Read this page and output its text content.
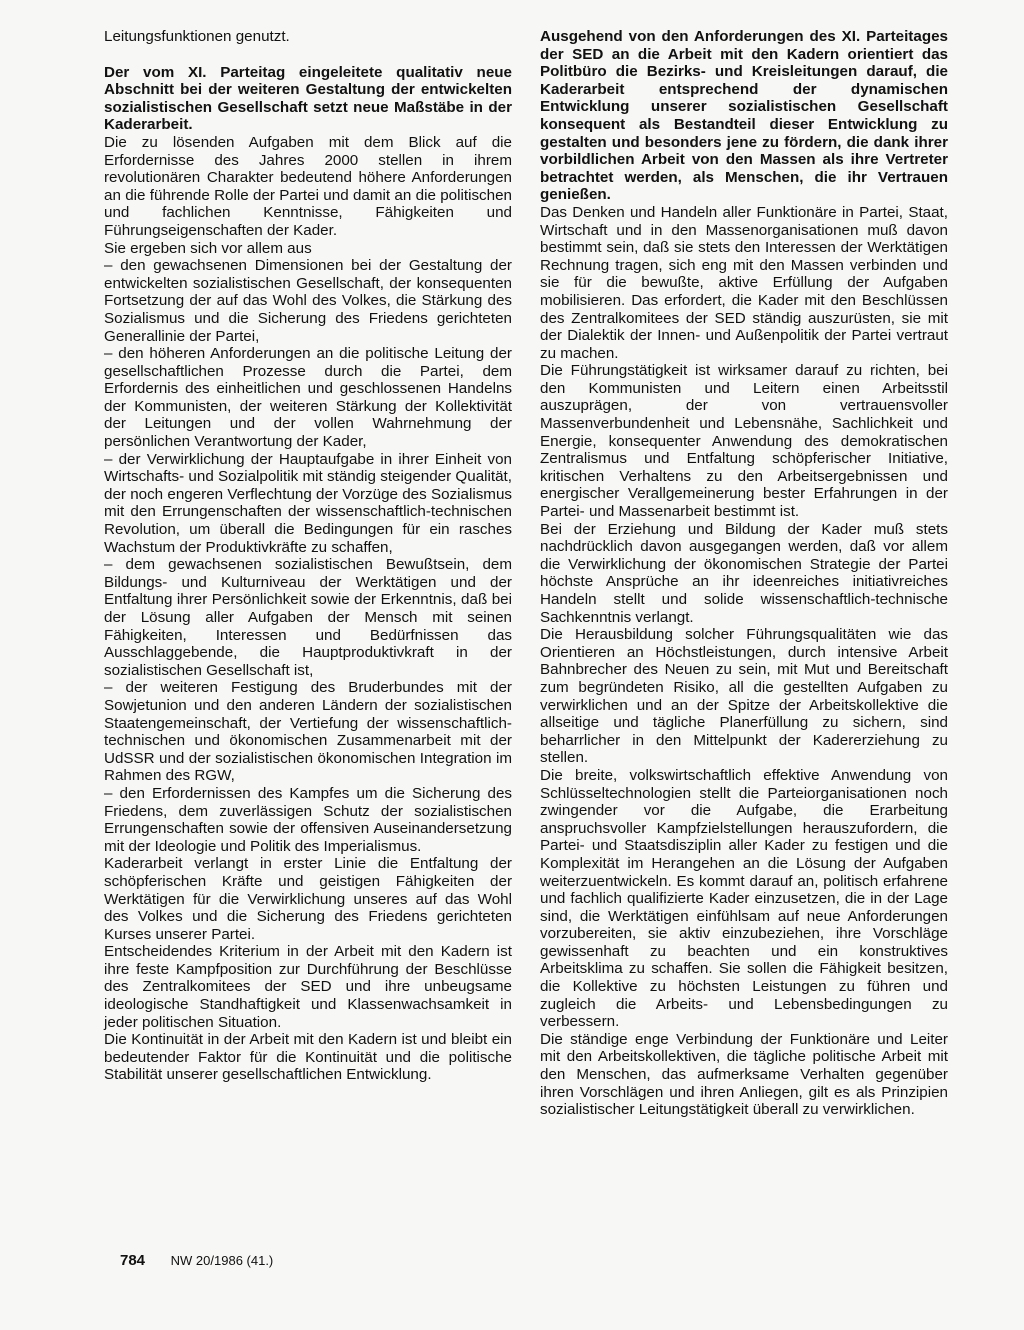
Leitungsfunktionen genutzt.

Der vom XI. Parteitag eingeleitete qualitativ neue Abschnitt bei der weiteren Gestaltung der entwickelten sozialistischen Gesellschaft setzt neue Maßstäbe in der Kaderarbeit.

Die zu lösenden Aufgaben mit dem Blick auf die Erfordernisse des Jahres 2000 stellen in ihrem revolutionären Charakter bedeutend höhere Anforderungen an die führende Rolle der Partei und damit an die politischen und fachlichen Kenntnisse, Fähigkeiten und Führungseigenschaften der Kader.

Sie ergeben sich vor allem aus

– den gewachsenen Dimensionen bei der Gestaltung der entwickelten sozialistischen Gesellschaft, der konsequenten Fortsetzung der auf das Wohl des Volkes, die Stärkung des Sozialismus und die Sicherung des Friedens gerichteten Generallinie der Partei,

– den höheren Anforderungen an die politische Leitung der gesellschaftlichen Prozesse durch die Partei, dem Erfordernis des einheitlichen und geschlossenen Handelns der Kommunisten, der weiteren Stärkung der Kollektivität der Leitungen und der vollen Wahrnehmung der persönlichen Verantwortung der Kader,

– der Verwirklichung der Hauptaufgabe in ihrer Einheit von Wirtschafts- und Sozialpolitik mit ständig steigender Qualität, der noch engeren Verflechtung der Vorzüge des Sozialismus mit den Errungenschaften der wissenschaftlich-technischen Revolution, um überall die Bedingungen für ein rasches Wachstum der Produktivkräfte zu schaffen,

– dem gewachsenen sozialistischen Bewußtsein, dem Bildungs- und Kulturniveau der Werktätigen und der Entfaltung ihrer Persönlichkeit sowie der Erkenntnis, daß bei der Lösung aller Aufgaben der Mensch mit seinen Fähigkeiten, Interessen und Bedürfnissen das Ausschlaggebende, die Hauptproduktivkraft in der sozialistischen Gesellschaft ist,

– der weiteren Festigung des Bruderbundes mit der Sowjetunion und den anderen Ländern der sozialistischen Staatengemeinschaft, der Vertiefung der wissenschaftlich-technischen und ökonomischen Zusammenarbeit mit der UdSSR und der sozialistischen ökonomischen Integration im Rahmen des RGW,

– den Erfordernissen des Kampfes um die Sicherung des Friedens, dem zuverlässigen Schutz der sozialistischen Errungenschaften sowie der offensiven Auseinandersetzung mit der Ideologie und Politik des Imperialismus.

Kaderarbeit verlangt in erster Linie die Entfaltung der schöpferischen Kräfte und geistigen Fähigkeiten der Werktätigen für die Verwirklichung unseres auf das Wohl des Volkes und die Sicherung des Friedens gerichteten Kurses unserer Partei.

Entscheidendes Kriterium in der Arbeit mit den Kadern ist ihre feste Kampfposition zur Durchführung der Beschlüsse des Zentralkomitees der SED und ihre unbeugsame ideologische Standhaftigkeit und Klassenwachsamkeit in jeder politischen Situation.

Die Kontinuität in der Arbeit mit den Kadern ist und bleibt ein bedeutender Faktor für die Kontinuität und die politische Stabilität unserer gesellschaftlichen Entwicklung.

Ausgehend von den Anforderungen des XI. Parteitages der SED an die Arbeit mit den Kadern orientiert das Politbüro die Bezirks- und Kreisleitungen darauf, die Kaderarbeit entsprechend der dynamischen Entwicklung unserer sozialistischen Gesellschaft konsequent als Bestandteil dieser Entwicklung zu gestalten und besonders jene zu fördern, die dank ihrer vorbildlichen Arbeit von den Massen als ihre Vertreter betrachtet werden, als Menschen, die ihr Vertrauen genießen.

Das Denken und Handeln aller Funktionäre in Partei, Staat, Wirtschaft und in den Massenorganisationen muß davon bestimmt sein, daß sie stets den Interessen der Werktätigen Rechnung tragen, sich eng mit den Massen verbinden und sie für die bewußte, aktive Erfüllung der Aufgaben mobilisieren. Das erfordert, die Kader mit den Beschlüssen des Zentralkomitees der SED ständig auszurüsten, sie mit der Dialektik der Innen- und Außenpolitik der Partei vertraut zu machen.

Die Führungstätigkeit ist wirksamer darauf zu richten, bei den Kommunisten und Leitern einen Arbeitsstil auszuprägen, der von vertrauensvoller Massenverbundenheit und Lebensnähe, Sachlichkeit und Energie, konsequenter Anwendung des demokratischen Zentralismus und Entfaltung schöpferischer Initiative, kritischen Verhaltens zu den Arbeitsergebnissen und energischer Verallgemeinerung bester Erfahrungen in der Partei- und Massenarbeit bestimmt ist.

Bei der Erziehung und Bildung der Kader muß stets nachdrücklich davon ausgegangen werden, daß vor allem die Verwirklichung der ökonomischen Strategie der Partei höchste Ansprüche an ihr ideenreiches initiativreiches Handeln stellt und solide wissenschaftlich-technische Sachkenntnis verlangt.

Die Herausbildung solcher Führungsqualitäten wie das Orientieren an Höchstleistungen, durch intensive Arbeit Bahnbrecher des Neuen zu sein, mit Mut und Bereitschaft zum begründeten Risiko, all die gestellten Aufgaben zu verwirklichen und an der Spitze der Arbeitskollektive die allseitige und tägliche Planerfüllung zu sichern, sind beharrlicher in den Mittelpunkt der Kadererziehung zu stellen.

Die breite, volkswirtschaftlich effektive Anwendung von Schlüsseltechnologien stellt die Parteiorganisationen noch zwingender vor die Aufgabe, die Erarbeitung anspruchsvoller Kampfzielstellungen herauszufordern, die Partei- und Staatsdisziplin aller Kader zu festigen und die Komplexität im Herangehen an die Lösung der Aufgaben weiterzuentwickeln. Es kommt darauf an, politisch erfahrene und fachlich qualifizierte Kader einzusetzen, die in der Lage sind, die Werktätigen einfühlsam auf neue Anforderungen vorzubereiten, sie aktiv einzubeziehen, ihre Vorschläge gewissenhaft zu beachten und ein konstruktives Arbeitsklima zu schaffen. Sie sollen die Fähigkeit besitzen, die Kollektive zu höchsten Leistungen zu führen und zugleich die Arbeits- und Lebensbedingungen zu verbessern.

Die ständige enge Verbindung der Funktionäre und Leiter mit den Arbeitskollektiven, die tägliche politische Arbeit mit den Menschen, das aufmerksame Verhalten gegenüber ihren Vorschlägen und ihren Anliegen, gilt es als Prinzipien sozialistischer Leitungstätigkeit überall zu verwirklichen.

784 NW 20/1986 (41.)
